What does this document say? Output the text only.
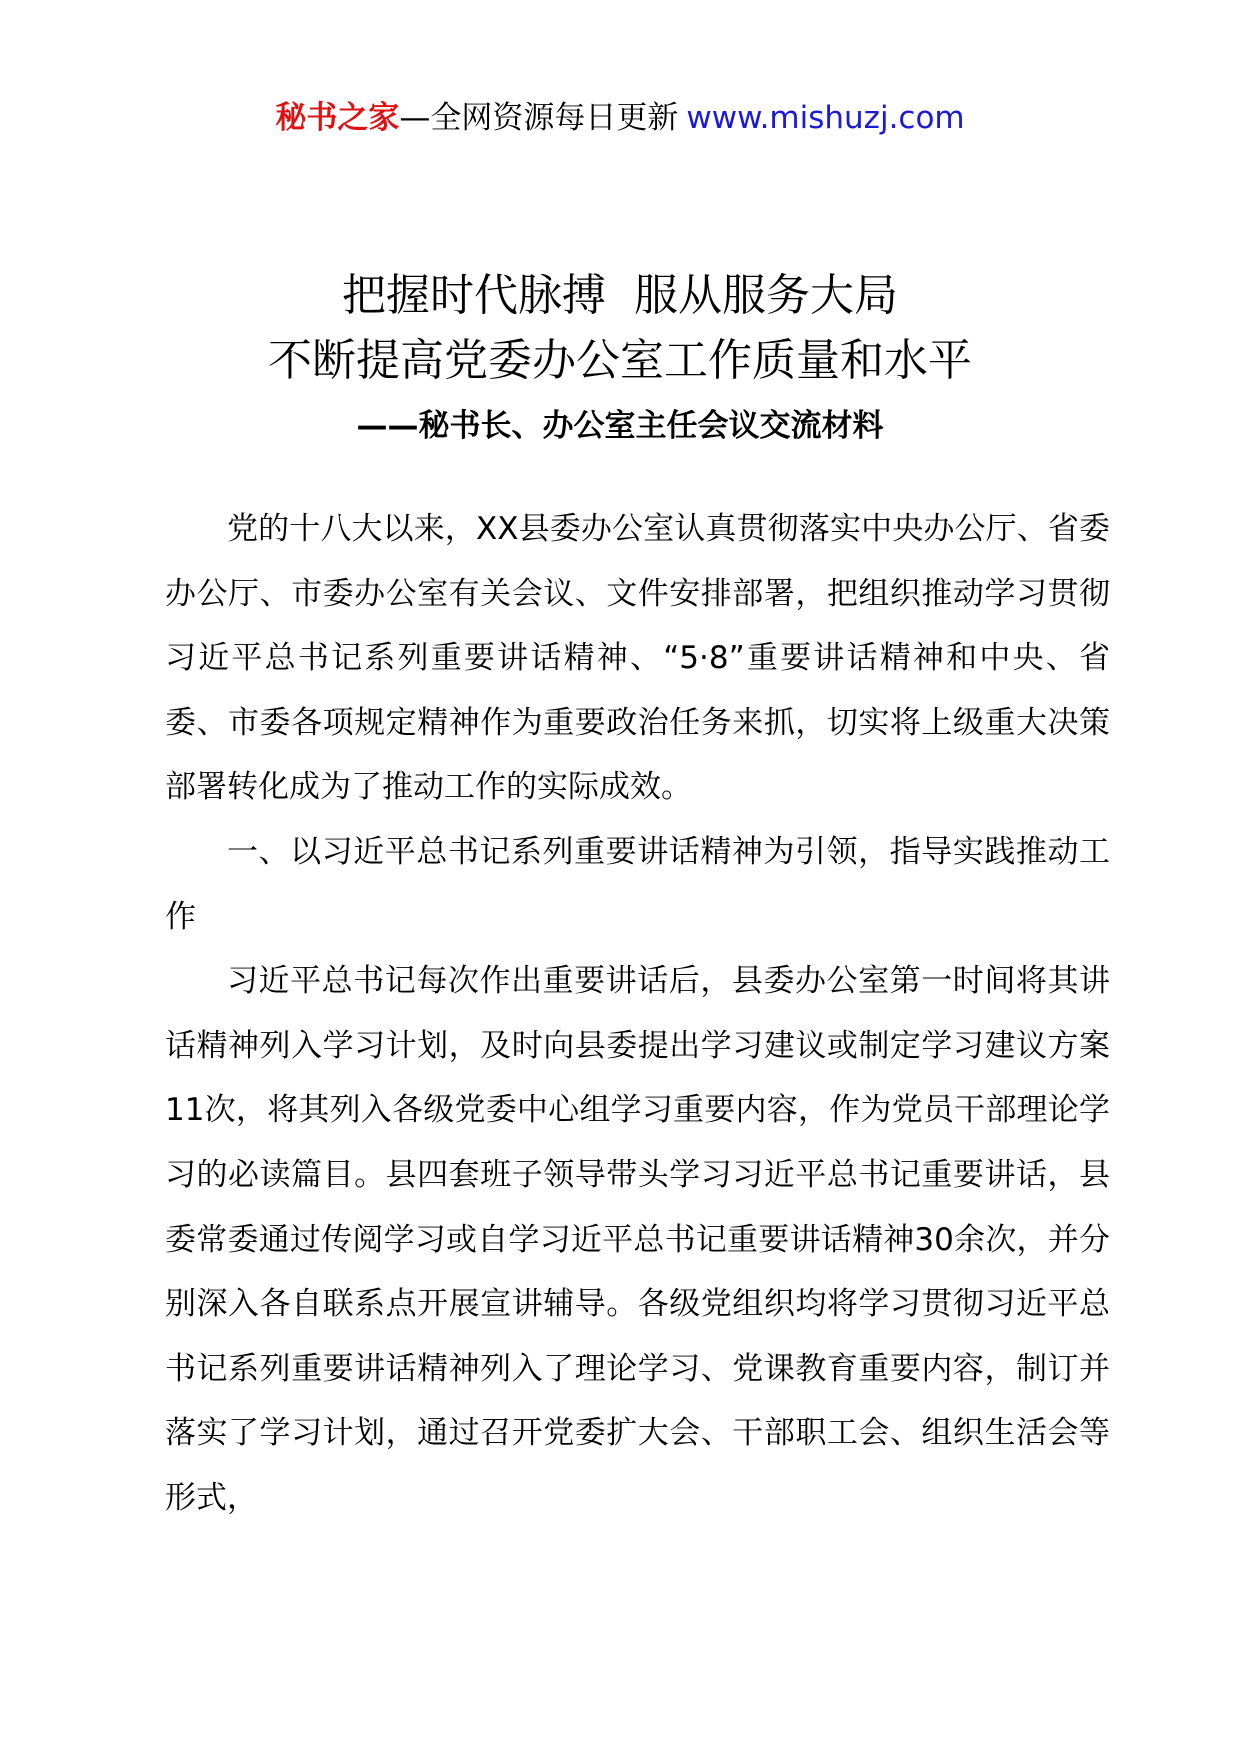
秘书之家—全网资源每日更新 www.mishuzj.com
把握时代脉搏  服从服务大局
不断提高党委办公室工作质量和水平
——秘书长、办公室主任会议交流材料

党的十八大以来，XX县委办公室认真贯彻落实中央办公厅、省委办公厅、市委办公室有关会议、文件安排部署，把组织推动学习贯彻习近平总书记系列重要讲话精神、“5·8”重要讲话精神和中央、省委、市委各项规定精神作为重要政治任务来抓，切实将上级重大决策部署转化成为了推动工作的实际成效。

一、以习近平总书记系列重要讲话精神为引领，指导实践推动工作

习近平总书记每次作出重要讲话后，县委办公室第一时间将其讲话精神列入学习计划，及时向县委提出学习建议或制定学习建议方案11次，将其列入各级党委中心组学习重要内容，作为党员干部理论学习的必读篇目。县四套班子领导带头学习习近平总书记重要讲话，县委常委通过传阅学习或自学习近平总书记重要讲话精神30余次，并分别深入各自联系点开展宣讲辅导。各级党组织均将学习贯彻习近平总书记系列重要讲话精神列入了理论学习、党课教育重要内容，制订并落实了学习计划，通过召开党委扩大会、干部职工会、组织生活会等形式，
